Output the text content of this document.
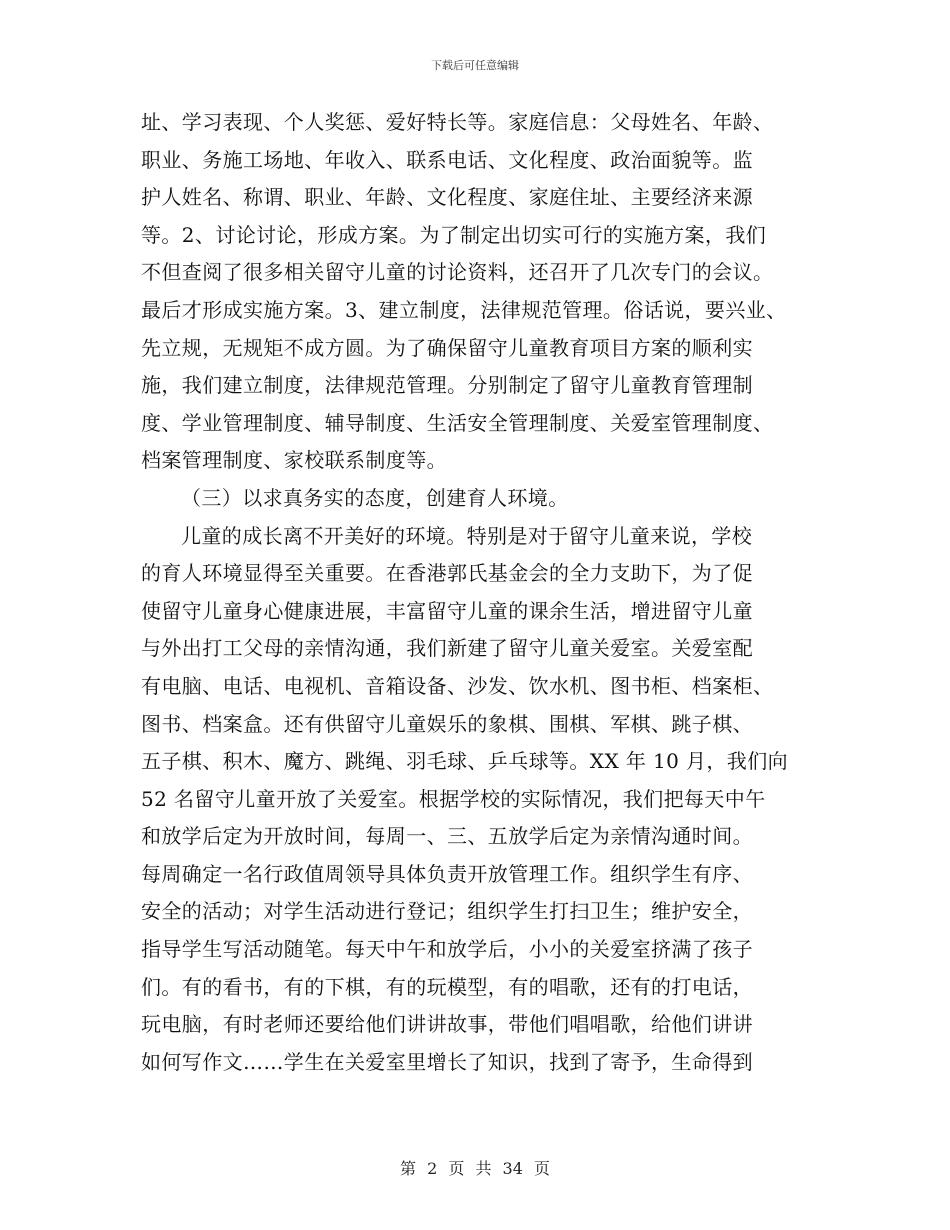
下载后可任意编辑
址、学习表现、个人奖惩、爱好特长等。家庭信息：父母姓名、年龄、
职业、务施工场地、年收入、联系电话、文化程度、政治面貌等。监
护人姓名、称谓、职业、年龄、文化程度、家庭住址、主要经济来源
等。2、讨论讨论，形成方案。为了制定出切实可行的实施方案，我们
不但查阅了很多相关留守儿童的讨论资料，还召开了几次专门的会议。
最后才形成实施方案。3、建立制度，法律规范管理。俗话说，要兴业、
先立规，无规矩不成方圆。为了确保留守儿童教育项目方案的顺利实
施，我们建立制度，法律规范管理。分别制定了留守儿童教育管理制
度、学业管理制度、辅导制度、生活安全管理制度、关爱室管理制度、
档案管理制度、家校联系制度等。
（三）以求真务实的态度，创建育人环境。
儿童的成长离不开美好的环境。特别是对于留守儿童来说，学校
的育人环境显得至关重要。在香港郭氏基金会的全力支助下，为了促
使留守儿童身心健康进展，丰富留守儿童的课余生活，增进留守儿童
与外出打工父母的亲情沟通，我们新建了留守儿童关爱室。关爱室配
有电脑、电话、电视机、音箱设备、沙发、饮水机、图书柜、档案柜、
图书、档案盒。还有供留守儿童娱乐的象棋、围棋、军棋、跳子棋、
五子棋、积木、魔方、跳绳、羽毛球、乒乓球等。XX 年 10 月，我们向
52 名留守儿童开放了关爱室。根据学校的实际情况，我们把每天中午
和放学后定为开放时间，每周一、三、五放学后定为亲情沟通时间。
每周确定一名行政值周领导具体负责开放管理工作。组织学生有序、
安全的活动；对学生活动进行登记；组织学生打扫卫生；维护安全，
指导学生写活动随笔。每天中午和放学后，小小的关爱室挤满了孩子
们。有的看书，有的下棋，有的玩模型，有的唱歌，还有的打电话，
玩电脑，有时老师还要给他们讲讲故事，带他们唱唱歌，给他们讲讲
如何写作文……学生在关爱室里增长了知识，找到了寄予，生命得到
第 2 页 共 34 页
